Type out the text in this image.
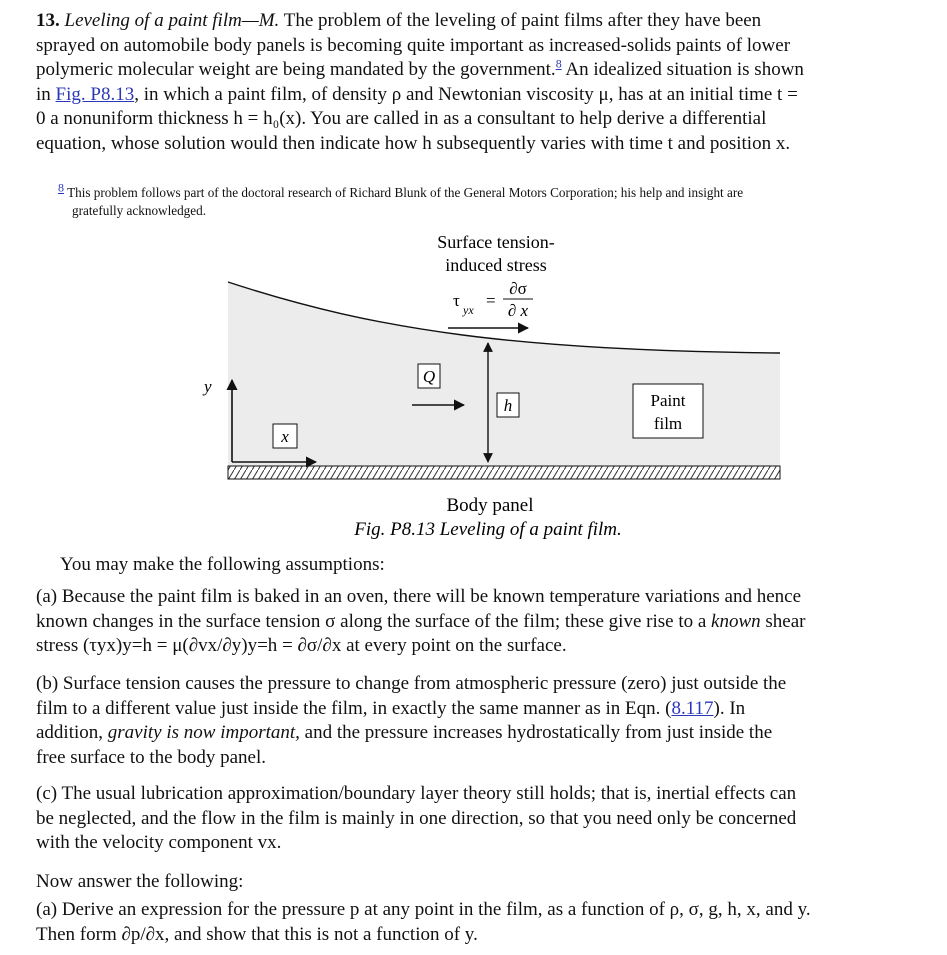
13. Leveling of a paint film—M. The problem of the leveling of paint films after they have been
sprayed on automobile body panels is becoming quite important as increased-solids paints of lower
polymeric molecular weight are being mandated by the government.$^8$ An idealized situation is shown
in Fig. P8.13, in which a paint film, of density ρ and Newtonian viscosity μ, has at an initial time t =
0 a nonuniform thickness h = h₀(x). You are called in as a consultant to help derive a differential
equation, whose solution would then indicate how h subsequently varies with time t and position x.
$^8$ This problem follows part of the doctoral research of Richard Blunk of the General Motors Corporation; his help and insight are
gratefully acknowledged.
Q
h
x
y
Paint
film
Surface tension-
induced stress
τ yx =
∂σ
∂ x
Body panel
Fig. P8.13 Leveling of a paint film.
You may make the following assumptions:
(a) Because the paint film is baked in an oven, there will be known temperature variations and hence
known changes in the surface tension σ along the surface of the film; these give rise to a known shear
stress (τyx)y=h = μ(∂vx/∂y)y=h = ∂σ/∂x at every point on the surface.
(b) Surface tension causes the pressure to change from atmospheric pressure (zero) just outside the
film to a different value just inside the film, in exactly the same manner as in Eqn. (8.117). In
addition, gravity is now important, and the pressure increases hydrostatically from just inside the
free surface to the body panel.
(c) The usual lubrication approximation/boundary layer theory still holds; that is, inertial effects can
be neglected, and the flow in the film is mainly in one direction, so that you need only be concerned
with the velocity component vx.
Now answer the following:
(a) Derive an expression for the pressure p at any point in the film, as a function of ρ, σ, g, h, x, and y.
Then form ∂p/∂x, and show that this is not a function of y.
